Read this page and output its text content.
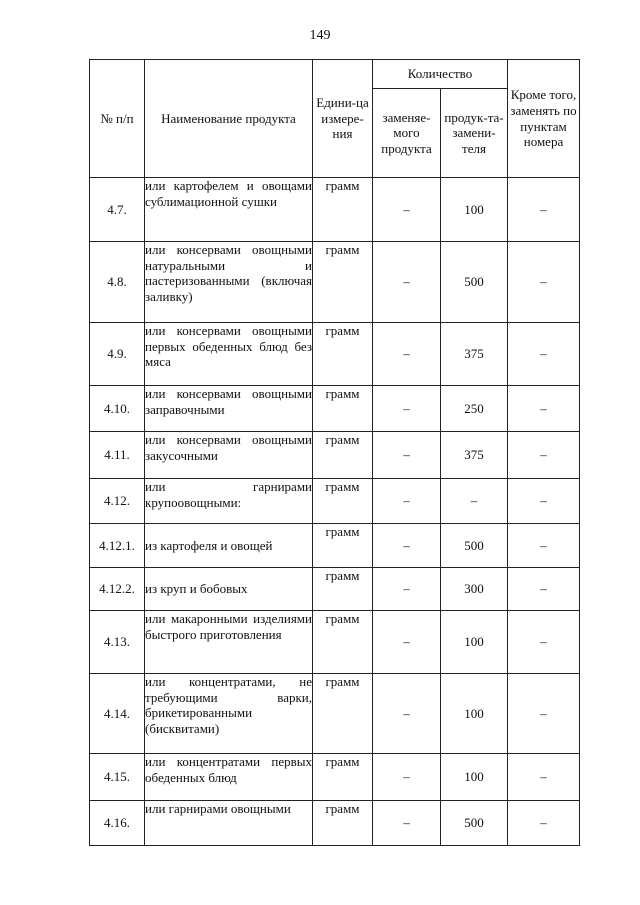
149
№ п/п	Наименование продукта	Едини-ца измере-ния	Количество		Кроме того, заменять по пунктам номера
			заменяе-мого продукта	продук-та-замени-теля	
4.7.	или картофелем и овощами сублимационной сушки	грамм	–	100	–
4.8.	или консервами овощными натуральными и пастеризованными (включая заливку)	грамм	–	500	–
4.9.	или консервами овощными первых обеденных блюд без мяса	грамм	–	375	–
4.10.	или консервами овощными заправочными	грамм	–	250	–
4.11.	или консервами овощными закусочными	грамм	–	375	–
4.12.	или гарнирами крупоовощными:	грамм	–	–	–
4.12.1.	из картофеля и овощей	грамм	–	500	–
4.12.2.	из круп и бобовых	грамм	–	300	–
4.13.	или макаронными изделиями быстрого приготовления	грамм	–	100	–
4.14.	или концентратами, не требующими варки, брикетированными (бисквитами)	грамм	–	100	–
4.15.	или концентратами первых обеденных блюд	грамм	–	100	–
4.16.	или гарнирами овощными	грамм	–	500	–
